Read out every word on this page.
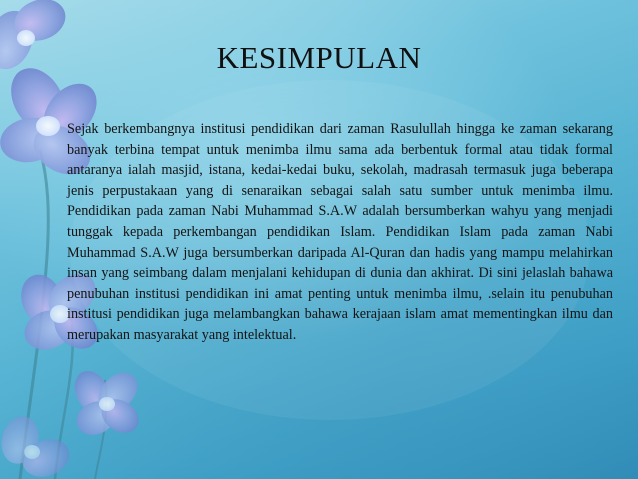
KESIMPULAN
Sejak berkembangnya institusi pendidikan dari zaman Rasulullah hingga ke zaman sekarang banyak terbina tempat untuk menimba ilmu sama ada berbentuk formal atau tidak formal antaranya ialah masjid, istana, kedai-kedai buku, sekolah, madrasah termasuk juga beberapa jenis perpustakaan yang di senaraikan sebagai salah satu sumber untuk menimba ilmu. Pendidikan pada zaman Nabi Muhammad S.A.W adalah bersumberkan wahyu yang menjadi tunggak kepada perkembangan pendidikan Islam. Pendidikan Islam pada zaman Nabi Muhammad S.A.W juga bersumberkan daripada Al-Quran dan hadis yang mampu melahirkan insan yang seimbang dalam menjalani kehidupan di dunia dan akhirat. Di sini jelaslah bahawa penubuhan institusi pendidikan ini amat penting untuk menimba ilmu, .selain itu penubuhan institusi pendidikan juga melambangkan bahawa kerajaan islam amat mementingkan ilmu dan merupakan masyarakat yang intelektual.
